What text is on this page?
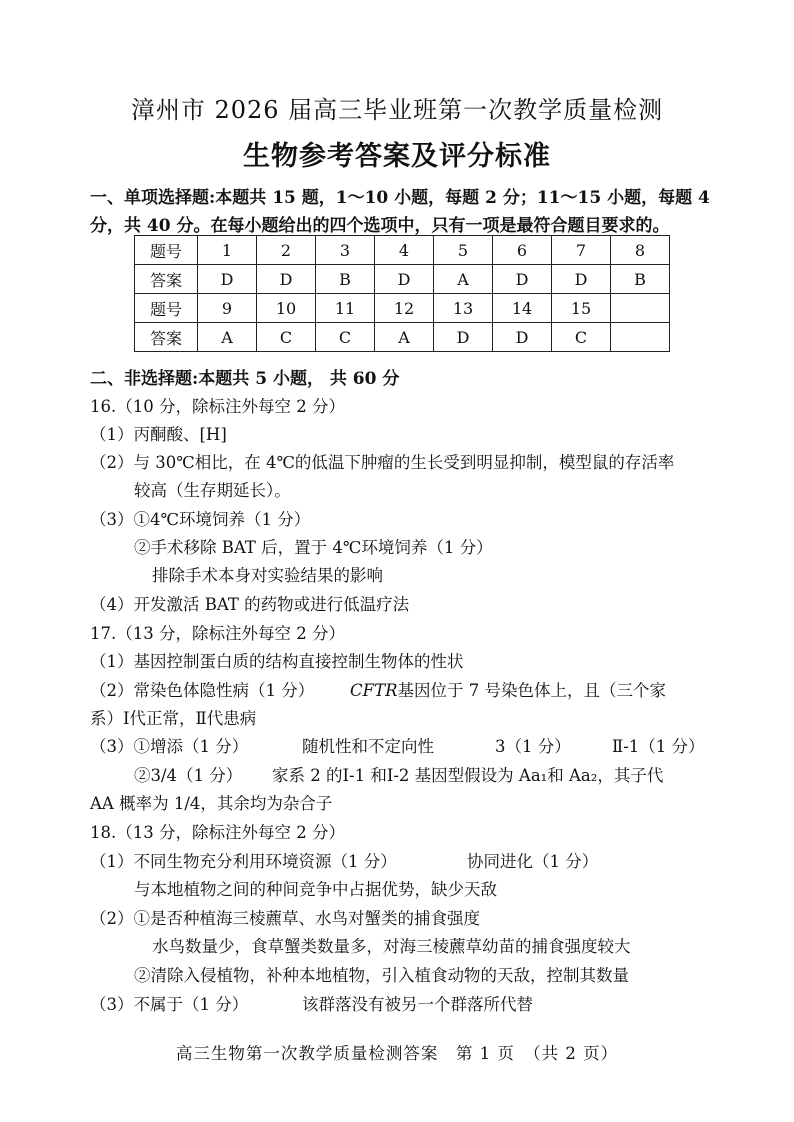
漳州市 2026 届高三毕业班第一次教学质量检测
生物参考答案及评分标准
一、单项选择题:本题共 15 题，1～10 小题，每题 2 分；11～15 小题，每题 4
分，共 40 分。在每小题给出的四个选项中，只有一项是最符合题目要求的。
题号	1	2	3	4	5	6	7	8
答案	D	D	B	D	A	D	D	B
题号	9	10	11	12	13	14	15	
答案	A	C	C	A	D	D	C	
二、非选择题:本题共 5 小题， 共 60 分
16.（10 分，除标注外每空 2 分）
（1）丙酮酸、[H]
（2）与 30℃相比，在 4℃的低温下肿瘤的生长受到明显抑制，模型鼠的存活率
较高（生存期延长）。
（3）①4℃环境饲养（1 分）
②手术移除 BAT 后，置于 4℃环境饲养（1 分）
排除手术本身对实验结果的影响
（4）开发激活 BAT 的药物或进行低温疗法
17.（13 分，除标注外每空 2 分）
（1）基因控制蛋白质的结构直接控制生物体的性状
（2）常染色体隐性病（1 分） CFTR基因位于 7 号染色体上，且（三个家
系）Ⅰ代正常，Ⅱ代患病
（3）①增添（1 分）	随机性和不定向性	3（1 分）	Ⅱ-1（1 分）
②3/4（1 分） 家系 2 的Ⅰ-1 和Ⅰ-2 基因型假设为 Aa₁和 Aa₂，其子代
AA 概率为 1/4，其余均为杂合子
18.（13 分，除标注外每空 2 分）
（1）不同生物充分利用环境资源（1 分）	协同进化（1 分）
与本地植物之间的种间竞争中占据优势，缺少天敌
（2）①是否种植海三棱藨草、水鸟对蟹类的捕食强度
水鸟数量少，食草蟹类数量多，对海三棱藨草幼苗的捕食强度较大
②清除入侵植物，补种本地植物，引入植食动物的天敌，控制其数量
（3）不属于（1 分）	该群落没有被另一个群落所代替
高三生物第一次教学质量检测答案　第 1 页　（共 2 页）
